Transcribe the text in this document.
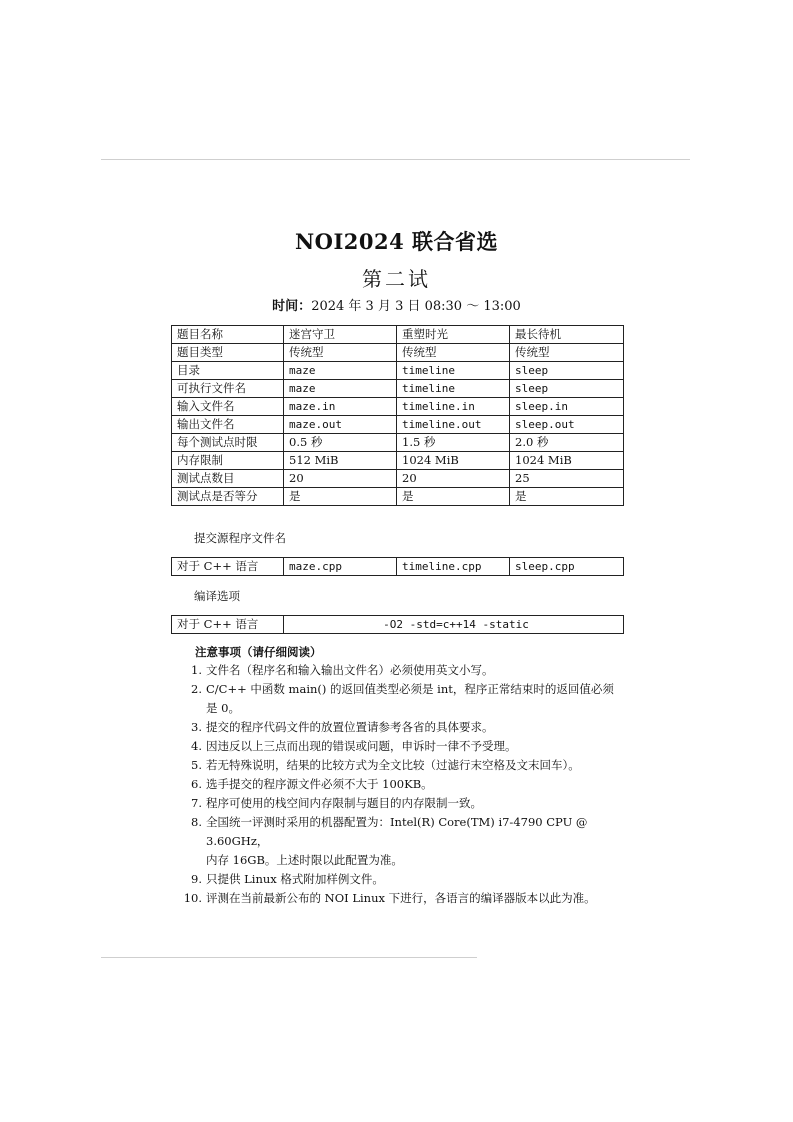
NOI2024 联合省选
第二试
时间：2024 年 3 月 3 日 08:30 ～ 13:00
题目名称	迷宫守卫	重塑时光	最长待机
题目类型	传统型	传统型	传统型
目录	maze	timeline	sleep
可执行文件名	maze	timeline	sleep
输入文件名	maze.in	timeline.in	sleep.in
输出文件名	maze.out	timeline.out	sleep.out
每个测试点时限	0.5 秒	1.5 秒	2.0 秒
内存限制	512 MiB	1024 MiB	1024 MiB
测试点数目	20	20	25
测试点是否等分	是	是	是
提交源程序文件名
对于 C++ 语言	maze.cpp	timeline.cpp	sleep.cpp
编译选项
对于 C++ 语言	-O2 -std=c++14 -static
注意事项（请仔细阅读）
1. 文件名（程序名和输入输出文件名）必须使用英文小写。
2. C/C++ 中函数 main() 的返回值类型必须是 int，程序正常结束时的返回值必须
是 0。
3. 提交的程序代码文件的放置位置请参考各省的具体要求。
4. 因违反以上三点而出现的错误或问题，申诉时一律不予受理。
5. 若无特殊说明，结果的比较方式为全文比较（过滤行末空格及文末回车）。
6. 选手提交的程序源文件必须不大于 100KB。
7. 程序可使用的栈空间内存限制与题目的内存限制一致。
8. 全国统一评测时采用的机器配置为：Intel(R) Core(TM) i7-4790 CPU @ 3.60GHz，
内存 16GB。上述时限以此配置为准。
9. 只提供 Linux 格式附加样例文件。
10. 评测在当前最新公布的 NOI Linux 下进行，各语言的编译器版本以此为准。
